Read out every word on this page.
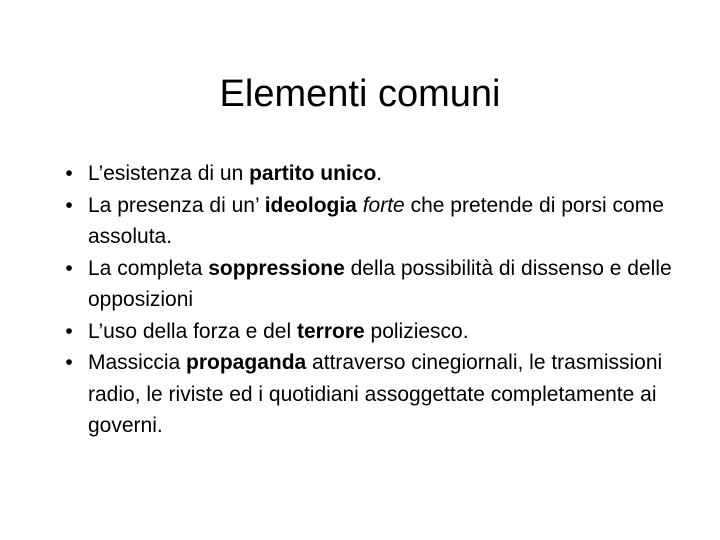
Elementi comuni
• L’esistenza di un partito unico.
• La presenza di un’ ideologia forte che pretende di porsi come assoluta.
• La completa soppressione della possibilità di dissenso e delle opposizioni
• L’uso della forza e del terrore poliziesco.
• Massiccia propaganda attraverso cinegiornali, le trasmissioni radio, le riviste ed i quotidiani assoggettate completamente ai governi.
